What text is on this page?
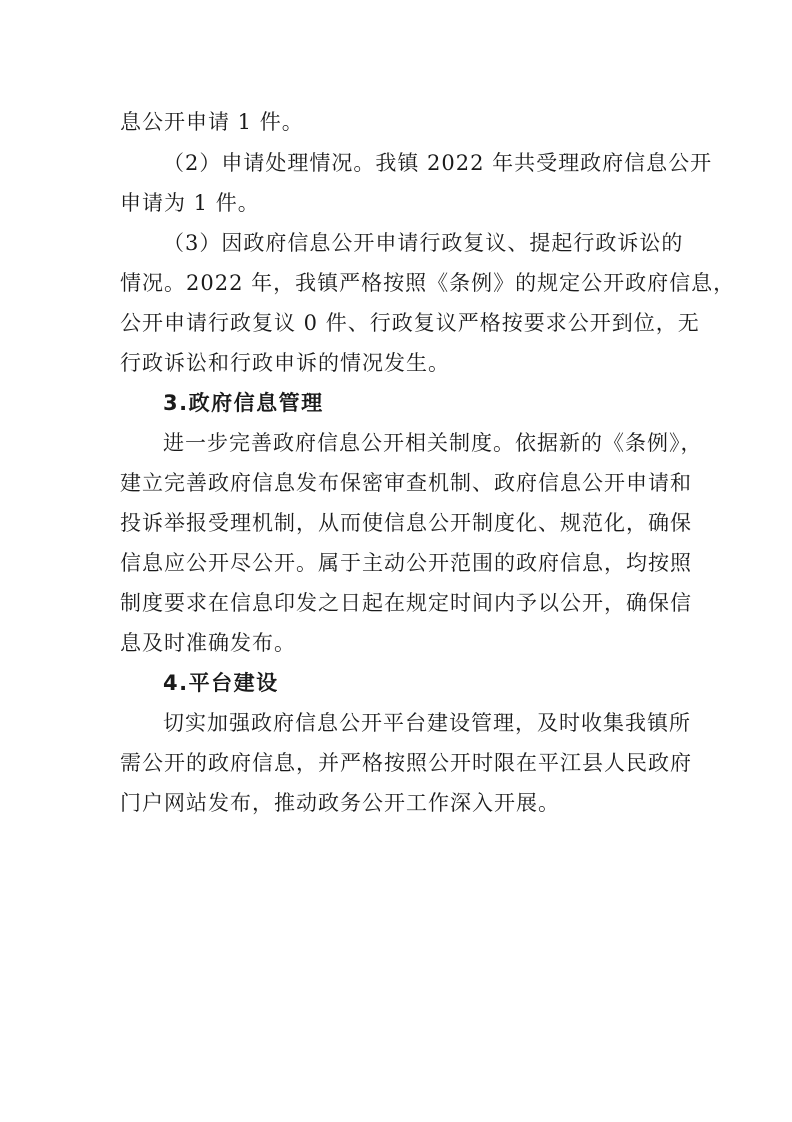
息公开申请 1 件。
（2）申请处理情况。我镇 2022 年共受理政府信息公开
申请为 1 件。
（3）因政府信息公开申请行政复议、提起行政诉讼的
情况。2022 年，我镇严格按照《条例》的规定公开政府信息，
公开申请行政复议 0 件、行政复议严格按要求公开到位，无
行政诉讼和行政申诉的情况发生。
3.政府信息管理
进一步完善政府信息公开相关制度。依据新的《条例》，
建立完善政府信息发布保密审查机制、政府信息公开申请和
投诉举报受理机制，从而使信息公开制度化、规范化，确保
信息应公开尽公开。属于主动公开范围的政府信息，均按照
制度要求在信息印发之日起在规定时间内予以公开，确保信
息及时准确发布。
4.平台建设
切实加强政府信息公开平台建设管理，及时收集我镇所
需公开的政府信息，并严格按照公开时限在平江县人民政府
门户网站发布，推动政务公开工作深入开展。
